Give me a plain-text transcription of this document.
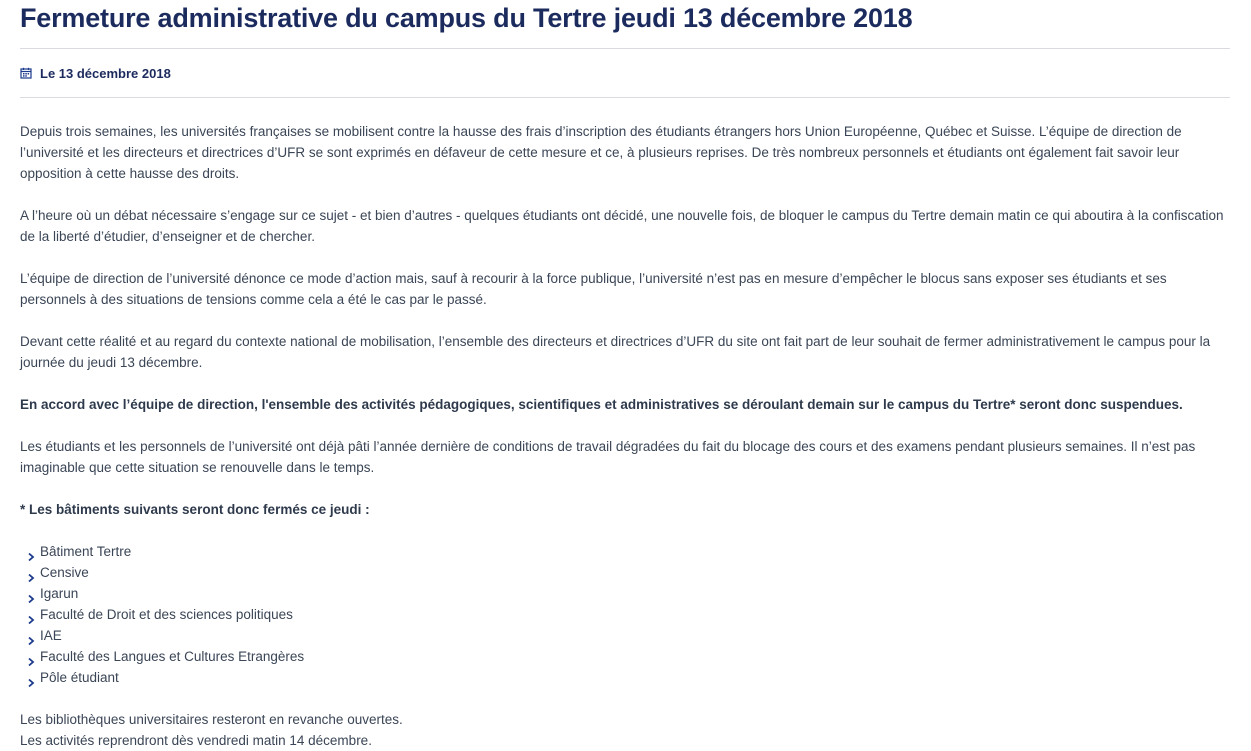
Fermeture administrative du campus du Tertre jeudi 13 décembre 2018
Le 13 décembre 2018

Depuis trois semaines, les universités françaises se mobilisent contre la hausse des frais d’inscription des étudiants étrangers hors Union Européenne, Québec et Suisse. L’équipe de direction de l’université et les directeurs et directrices d’UFR se sont exprimés en défaveur de cette mesure et ce, à plusieurs reprises. De très nombreux personnels et étudiants ont également fait savoir leur opposition à cette hausse des droits.

A l’heure où un débat nécessaire s’engage sur ce sujet - et bien d’autres - quelques étudiants ont décidé, une nouvelle fois, de bloquer le campus du Tertre demain matin ce qui aboutira à la confiscation de la liberté d’étudier, d’enseigner et de chercher.

L’équipe de direction de l’université dénonce ce mode d’action mais, sauf à recourir à la force publique, l’université n’est pas en mesure d’empêcher le blocus sans exposer ses étudiants et ses personnels à des situations de tensions comme cela a été le cas par le passé.

Devant cette réalité et au regard du contexte national de mobilisation, l’ensemble des directeurs et directrices d’UFR du site ont fait part de leur souhait de fermer administrativement le campus pour la journée du jeudi 13 décembre.

En accord avec l’équipe de direction, l'ensemble des activités pédagogiques, scientifiques et administratives se déroulant demain sur le campus du Tertre* seront donc suspendues.

Les étudiants et les personnels de l’université ont déjà pâti l’année dernière de conditions de travail dégradées du fait du blocage des cours et des examens pendant plusieurs semaines. Il n’est pas imaginable que cette situation se renouvelle dans le temps.

* Les bâtiments suivants seront donc fermés ce jeudi :

Bâtiment Tertre
Censive
Igarun
Faculté de Droit et des sciences politiques
IAE
Faculté des Langues et Cultures Etrangères
Pôle étudiant

Les bibliothèques universitaires resteront en revanche ouvertes.

Les activités reprendront dès vendredi matin 14 décembre.
